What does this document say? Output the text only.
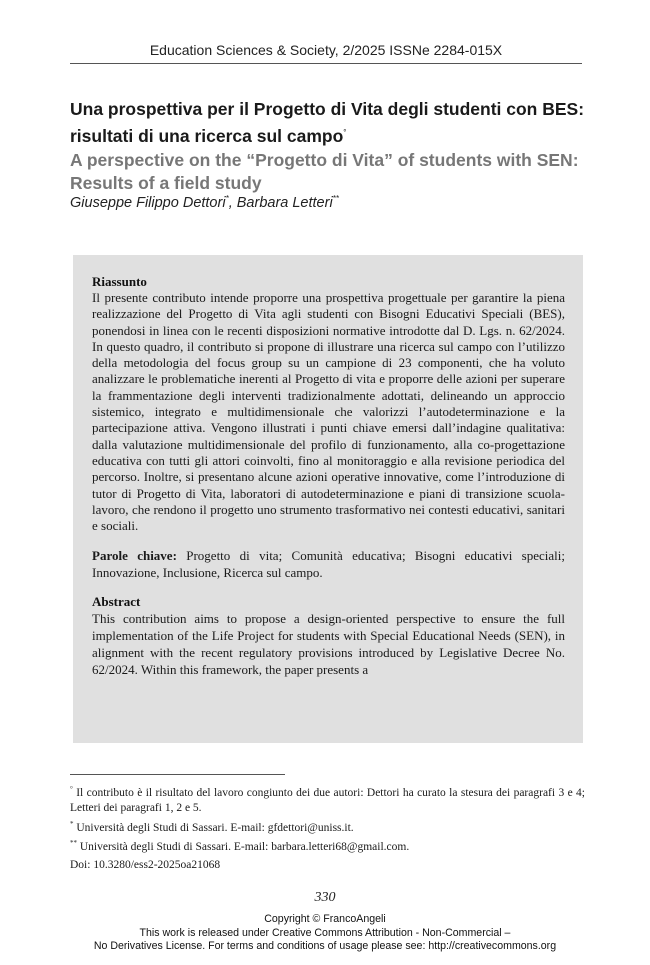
Education Sciences & Society, 2/2025 ISSNe 2284-015X
Una prospettiva per il Progetto di Vita degli studenti con BES: risultati di una ricerca sul campo°
A perspective on the “Progetto di Vita” of students with SEN: Results of a field study
Giuseppe Filippo Dettori*, Barbara Letteri**

Riassunto

Il presente contributo intende proporre una prospettiva progettuale per garantire la piena realizzazione del Progetto di Vita agli studenti con Bisogni Educativi Speciali (BES), ponendosi in linea con le recenti disposizioni normative introdotte dal D. Lgs. n. 62/2024. In questo quadro, il contributo si propone di illustrare una ricerca sul campo con l’utilizzo della metodologia del focus group su un campione di 23 componenti, che ha voluto analizzare le problematiche inerenti al Progetto di vita e proporre delle azioni per superare la frammentazione degli interventi tradizionalmente adottati, delineando un approccio sistemico, integrato e multidimensionale che valorizzi l’autodeterminazione e la partecipazione attiva. Vengono illustrati i punti chiave emersi dall’indagine qualitativa: dalla valutazione multidimensionale del profilo di funzionamento, alla co-progettazione educativa con tutti gli attori coinvolti, fino al monitoraggio e alla revisione periodica del percorso. Inoltre, si presentano alcune azioni operative innovative, come l’introduzione di tutor di Progetto di Vita, laboratori di autodeterminazione e piani di transizione scuola-lavoro, che rendono il progetto uno strumento trasformativo nei contesti educativi, sanitari e sociali.

Parole chiave: Progetto di vita; Comunità educativa; Bisogni educativi speciali; Innovazione, Inclusione, Ricerca sul campo.

Abstract

This contribution aims to propose a design-oriented perspective to ensure the full implementation of the Life Project for students with Special Educational Needs (SEN), in alignment with the recent regulatory provisions introduced by Legislative Decree No. 62/2024. Within this framework, the paper presents a

° Il contributo è il risultato del lavoro congiunto dei due autori: Dettori ha curato la stesura dei paragrafi 3 e 4; Letteri dei paragrafi 1, 2 e 5.

* Università degli Studi di Sassari. E-mail: gfdettori@uniss.it.

** Università degli Studi di Sassari. E-mail: barbara.letteri68@gmail.com.

Doi: 10.3280/ess2-2025oa21068
330
Copyright © FrancoAngeli
This work is released under Creative Commons Attribution - Non-Commercial –
No Derivatives License. For terms and conditions of usage please see: http://creativecommons.org
